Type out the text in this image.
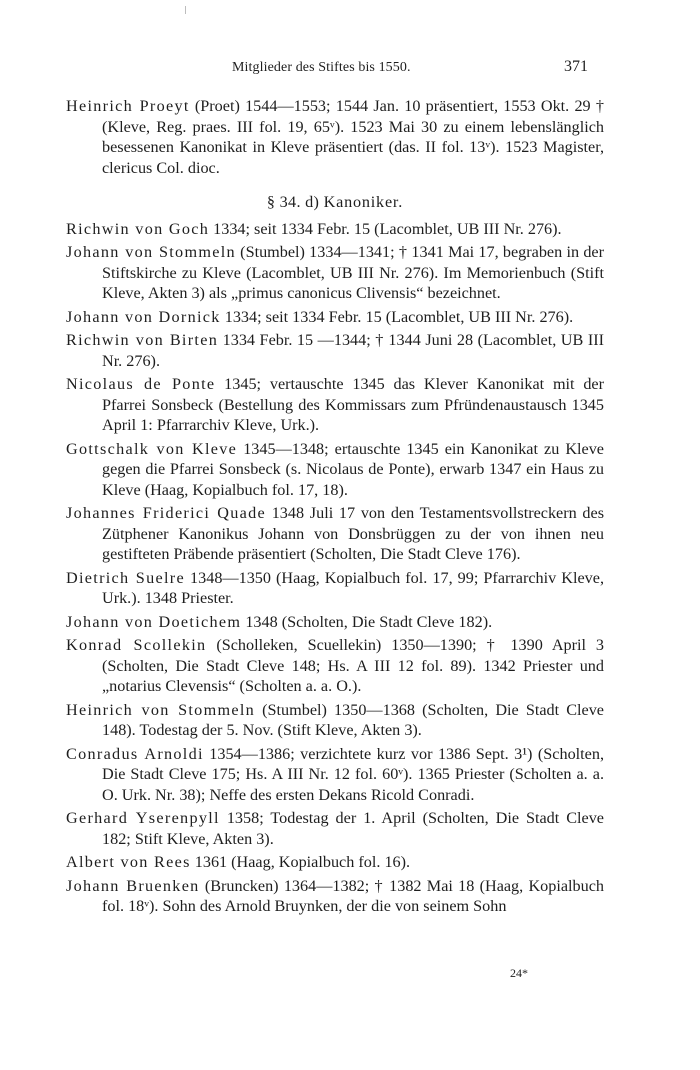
Mitglieder des Stiftes bis 1550.	371

Heinrich Proeyt (Proet) 1544—1553; 1544 Jan. 10 präsentiert, 1553 Okt. 29 † (Kleve, Reg. praes. III fol. 19, 65ᵛ). 1523 Mai 30 zu einem lebenslänglich besessenen Kanonikat in Kleve präsentiert (das. II fol. 13ᵛ). 1523 Magister, clericus Col. dioc.

§ 34. d) Kanoniker.

Richwin von Goch 1334; seit 1334 Febr. 15 (Lacomblet, UB III Nr. 276).

Johann von Stommeln (Stumbel) 1334—1341; † 1341 Mai 17, begraben in der Stiftskirche zu Kleve (Lacomblet, UB III Nr. 276). Im Memorienbuch (Stift Kleve, Akten 3) als „primus canonicus Clivensis“ bezeichnet.

Johann von Dornick 1334; seit 1334 Febr. 15 (Lacomblet, UB III Nr. 276).

Richwin von Birten 1334 Febr. 15 —1344; † 1344 Juni 28 (Lacomblet, UB III Nr. 276).

Nicolaus de Ponte 1345; vertauschte 1345 das Klever Kanonikat mit der Pfarrei Sonsbeck (Bestellung des Kommissars zum Pfründenaustausch 1345 April 1: Pfarrarchiv Kleve, Urk.).

Gottschalk von Kleve 1345—1348; ertauschte 1345 ein Kanonikat zu Kleve gegen die Pfarrei Sonsbeck (s. Nicolaus de Ponte), erwarb 1347 ein Haus zu Kleve (Haag, Kopialbuch fol. 17, 18).

Johannes Friderici Quade 1348 Juli 17 von den Testamentsvollstreckern des Zütphener Kanonikus Johann von Donsbrüggen zu der von ihnen neu gestifteten Präbende präsentiert (Scholten, Die Stadt Cleve 176).

Dietrich Suelre 1348—1350 (Haag, Kopialbuch fol. 17, 99; Pfarrarchiv Kleve, Urk.). 1348 Priester.

Johann von Doetichem 1348 (Scholten, Die Stadt Cleve 182).

Konrad Scollekin (Scholleken, Scuellekin) 1350—1390; † 1390 April 3 (Scholten, Die Stadt Cleve 148; Hs. A III 12 fol. 89). 1342 Priester und „notarius Clevensis“ (Scholten a. a. O.).

Heinrich von Stommeln (Stumbel) 1350—1368 (Scholten, Die Stadt Cleve 148). Todestag der 5. Nov. (Stift Kleve, Akten 3).

Conradus Arnoldi 1354—1386; verzichtete kurz vor 1386 Sept. 3¹) (Scholten, Die Stadt Cleve 175; Hs. A III Nr. 12 fol. 60ᵛ). 1365 Priester (Scholten a. a. O. Urk. Nr. 38); Neffe des ersten Dekans Ricold Conradi.

Gerhard Yserenpyll 1358; Todestag der 1. April (Scholten, Die Stadt Cleve 182; Stift Kleve, Akten 3).

Albert von Rees 1361 (Haag, Kopialbuch fol. 16).

Johann Bruenken (Bruncken) 1364—1382; † 1382 Mai 18 (Haag, Kopialbuch fol. 18ᵛ). Sohn des Arnold Bruynken, der die von seinem Sohn

24*
